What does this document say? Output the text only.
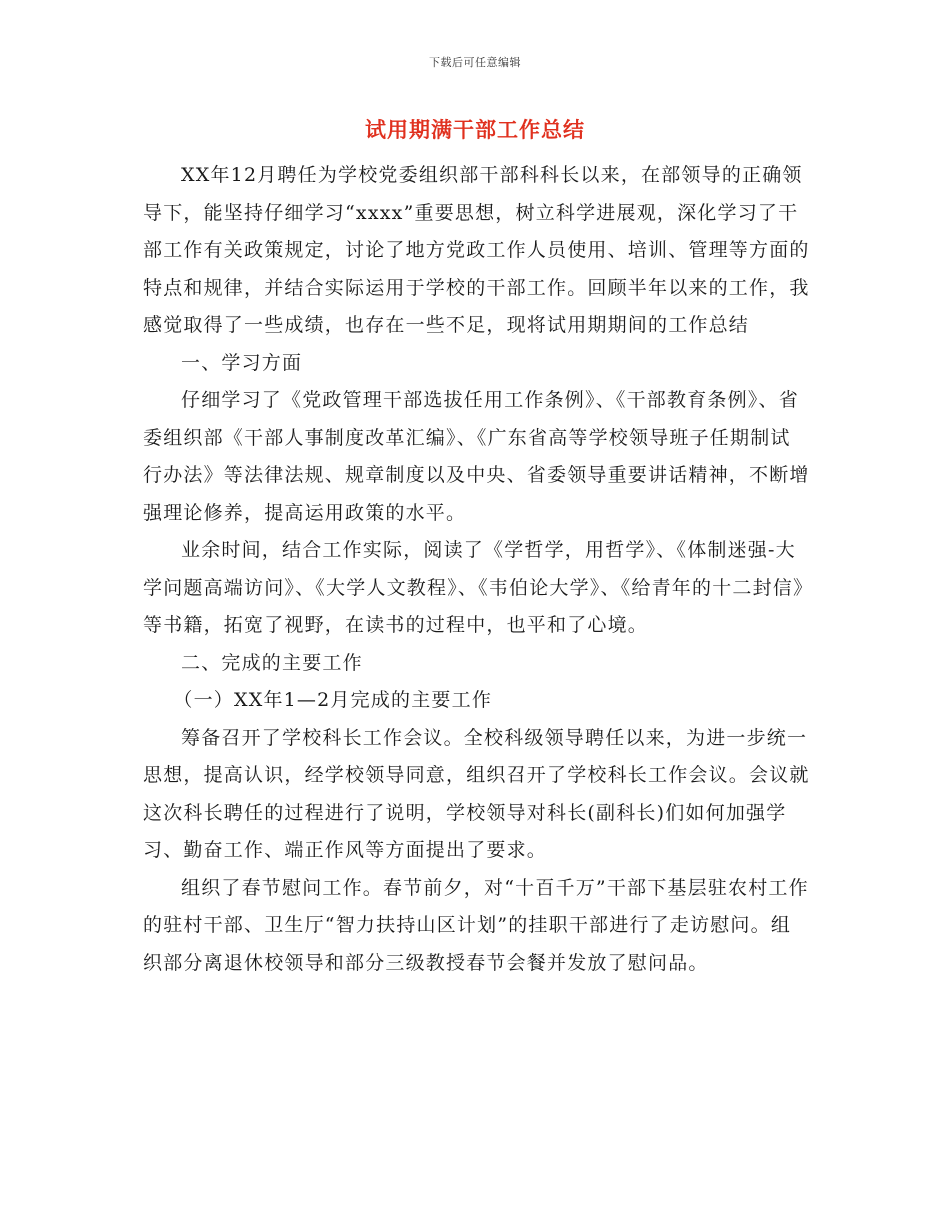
下载后可任意编辑
试用期满干部工作总结

XX年12月聘任为学校党委组织部干部科科长以来，在部领导的正确领导下，能坚持仔细学习“xxxx”重要思想，树立科学进展观，深化学习了干部工作有关政策规定，讨论了地方党政工作人员使用、培训、管理等方面的特点和规律，并结合实际运用于学校的干部工作。回顾半年以来的工作，我感觉取得了一些成绩，也存在一些不足，现将试用期期间的工作总结

一、学习方面

仔细学习了《党政管理干部选拔任用工作条例》、《干部教育条例》、省委组织部《干部人事制度改革汇编》、《广东省高等学校领导班子任期制试行办法》等法律法规、规章制度以及中央、省委领导重要讲话精神，不断增强理论修养，提高运用政策的水平。

业余时间，结合工作实际，阅读了《学哲学，用哲学》、《体制迷强-大学问题高端访问》、《大学人文教程》、《韦伯论大学》、《给青年的十二封信》等书籍，拓宽了视野，在读书的过程中，也平和了心境。

二、完成的主要工作

（一）XX年1—2月完成的主要工作

筹备召开了学校科长工作会议。全校科级领导聘任以来，为进一步统一思想，提高认识，经学校领导同意，组织召开了学校科长工作会议。会议就这次科长聘任的过程进行了说明，学校领导对科长(副科长)们如何加强学习、勤奋工作、端正作风等方面提出了要求。

组织了春节慰问工作。春节前夕，对“十百千万”干部下基层驻农村工作的驻村干部、卫生厅“智力扶持山区计划”的挂职干部进行了走访慰问。组织部分离退休校领导和部分三级教授春节会餐并发放了慰问品。
